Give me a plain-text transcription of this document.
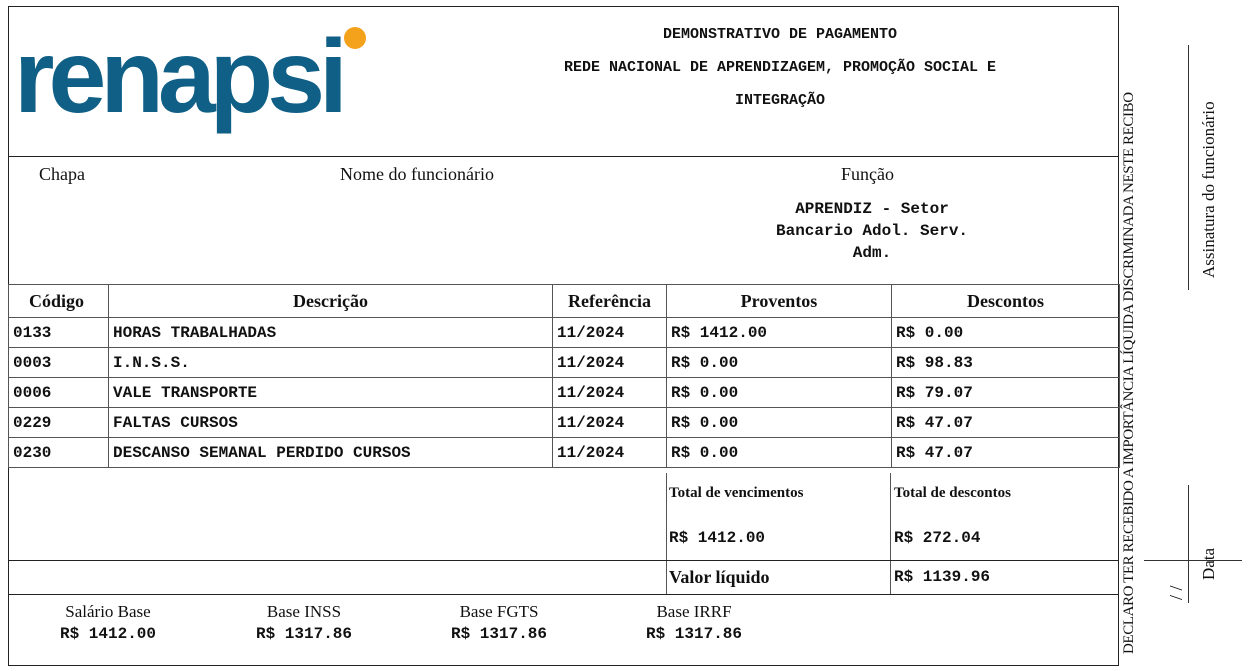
renapsi	DEMONSTRATIVO DE PAGAMENTO
REDE NACIONAL DE APRENDIZAGEM, PROMOÇÃO SOCIAL E
INTEGRAÇÃO
Chapa	Nome do funcionário	Função
APRENDIZ - Setor
Bancario Adol. Serv.
Adm.
Código	Descrição	Referência	Proventos	Descontos
0133	HORAS TRABALHADAS	11/2024	R$ 1412.00	R$ 0.00
0003	I.N.S.S.	11/2024	R$ 0.00	R$ 98.83
0006	VALE TRANSPORTE	11/2024	R$ 0.00	R$ 79.07
0229	FALTAS CURSOS	11/2024	R$ 0.00	R$ 47.07
0230	DESCANSO SEMANAL PERDIDO CURSOS	11/2024	R$ 0.00	R$ 47.07
Total de vencimentos
R$ 1412.00
Total de descontos
R$ 272.04
Valor líquido	R$ 1139.96
Salário Base
R$ 1412.00
Base INSS
R$ 1317.86
Base FGTS
R$ 1317.86
Base IRRF
R$ 1317.86	DECLARO TER RECEBIDO A IMPORTÂNCIA LÍQUIDA DISCRIMINADA NESTE RECIBO	Assinatura do funcionário
/ /
Data
